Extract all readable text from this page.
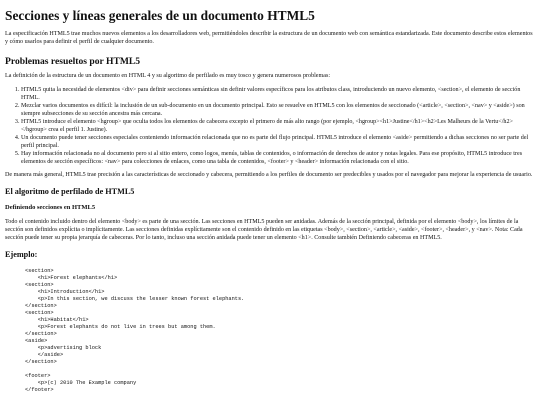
Secciones y líneas generales de un documento HTML5

La especificación HTML5 trae muchos nuevos elementos a los desarrolladores web, permitiéndoles describir la estructura de un documento web con semántica estandarizada. Este documento describe estos elementos y cómo usarlos para definir el perfil de cualquier documento.

Problemas resueltos por HTML5

La definición de la estructura de un documento en HTML 4 y su algoritmo de perfilado es muy tosco y genera numerosos problemas:

1. HTML5 quita la necesidad de elementos <div> para definir secciones semánticas sin definir valores específicos para los atributos class, introduciendo un nuevo elemento, <section>, el elemento de sección HTML.
2. Mezclar varios documentos es difícil: la inclusión de un sub-documento en un documento principal. Esto se resuelve en HTML5 con los elementos de seccionado (<article>, <section>, <nav> y <aside>) son siempre subsecciones de su sección ancestra más cercana.
3. HTML5 introduce el elemento <hgroup> que oculta todos los elementos de cabecera excepto el primero de más alto rango (por ejemplo, <hgroup><h1>Justine</h1><h2>Les Malheurs de la Vertu</h2></hgroup> crea el perfil 1. Justine).
4. Un documento puede tener secciones especiales conteniendo información relacionada que no es parte del flujo principal. HTML5 introduce el elemento <aside> permitiendo a dichas secciones no ser parte del perfil principal.
5. Hay información relacionada no al documento pero si al sitio entero, como logos, menús, tablas de contenidos, o información de derechos de autor y notas legales. Para ese propósito, HTML5 introduce tres elementos de sección específicos: <nav> para colecciones de enlaces, como una tabla de contenidos, <footer> y <header> información relacionada con el sitio.

De manera más general, HTML5 trae precisión a las características de seccionado y cabecera, permitiendo a los perfiles de documento ser predecibles y usados por el navegador para mejorar la experiencia de usuario.

El algoritmo de perfilado de HTML5
Definiendo secciones en HTML5

Todo el contenido incluido dentro del elemento <body> es parte de una sección. Las secciones en HTML5 pueden ser anidadas. Además de la sección principal, definida por el elemento <body>, los límites de la sección son definidos explícita o implícitamente. Las secciones definidas explícitamente son el contenido definido en las etiquetas <body>, <section>, <article>, <aside>, <footer>, <header>, y <nav>. Nota: Cada sección puede tener su propia jerarquía de cabeceras. Por lo tanto, incluso una sección anidada puede tener un elemento <h1>. Consulte también Definiendo cabeceras en HTML5.

Ejemplo:
<section>
<h1>Forest elephants</h1>
<section>
<h1>Introduction</h1>
<p>In this section, we discuss the lesser known forest elephants.
</section>
<section>
<h1>Habitat</h1>
<p>Forest elephants do not live in trees but among them.
</section>
<aside>
<p>advertising block
</aside>
</section>

<footer>
<p>(c) 2010 The Example company
</footer>
